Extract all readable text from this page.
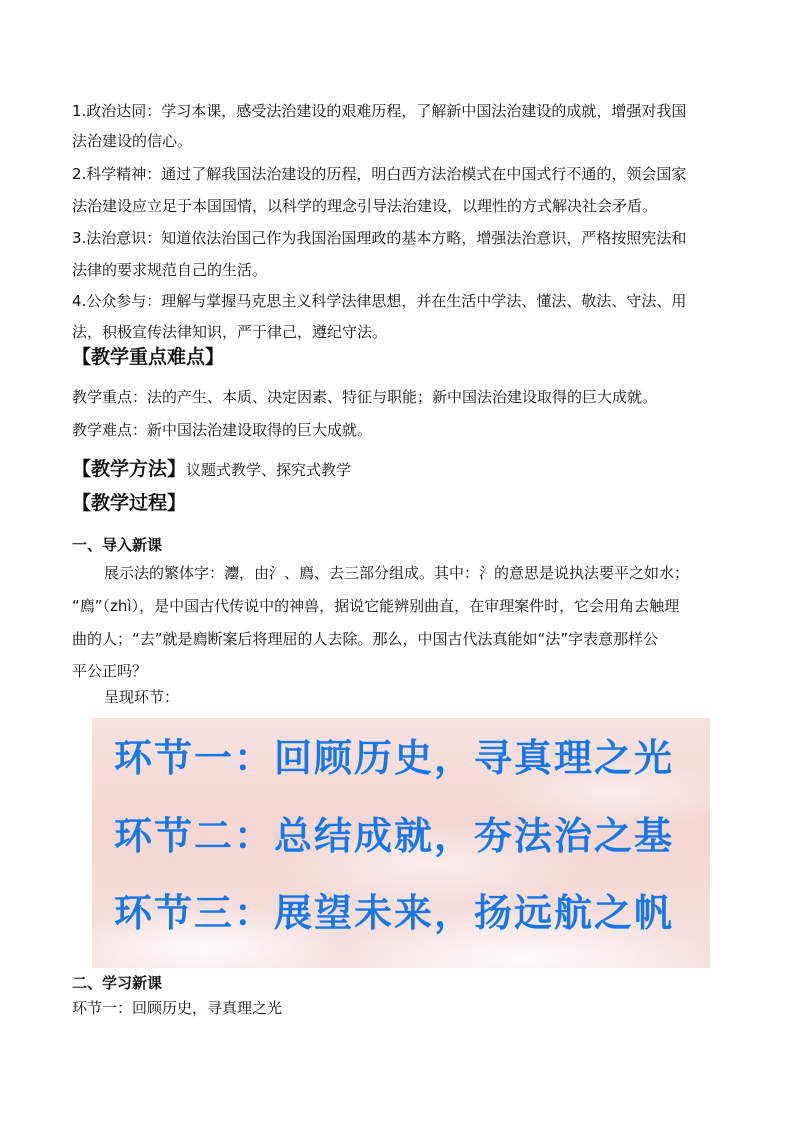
1.政治达同：学习本课，感受法治建设的艰难历程，了解新中国法治建设的成就，增强对我国
法治建设的信心。
2.科学精神：通过了解我国法治建设的历程，明白西方法治模式在中国式行不通的，领会国家
法治建设应立足于本国国情，以科学的理念引导法治建设，以理性的方式解决社会矛盾。
3.法治意识：知道依法治国己作为我国治国理政的基本方略，增强法治意识，严格按照宪法和
法律的要求规范自己的生活。
4.公众参与：理解与掌握马克思主义科学法律思想，并在生活中学法、懂法、敬法、守法、用
法，积极宣传法律知识，严于律己，遵纪守法。
【教学重点难点】
教学重点：法的产生、本质、决定因素、特征与职能；新中国法治建设取得的巨大成就。
教学难点：新中国法治建设取得的巨大成就。
【教学方法】议题式教学、探究式教学
【教学过程】
一、导入新课
展示法的繁体字：灋，由氵、廌、去三部分组成。其中：氵的意思是说执法要平之如水；
“廌”（zhì），是中国古代传说中的神兽，据说它能辨别曲直，在审理案件时，它会用角去触理
曲的人；“去”就是廌断案后将理屈的人去除。那么，中国古代法真能如“法”字表意那样公
平公正吗？
呈现环节：
环节一：回顾历史，寻真理之光
环节二：总结成就，夯法治之基
环节三：展望未来，扬远航之帆
二、学习新课
环节一：回顾历史，寻真理之光
